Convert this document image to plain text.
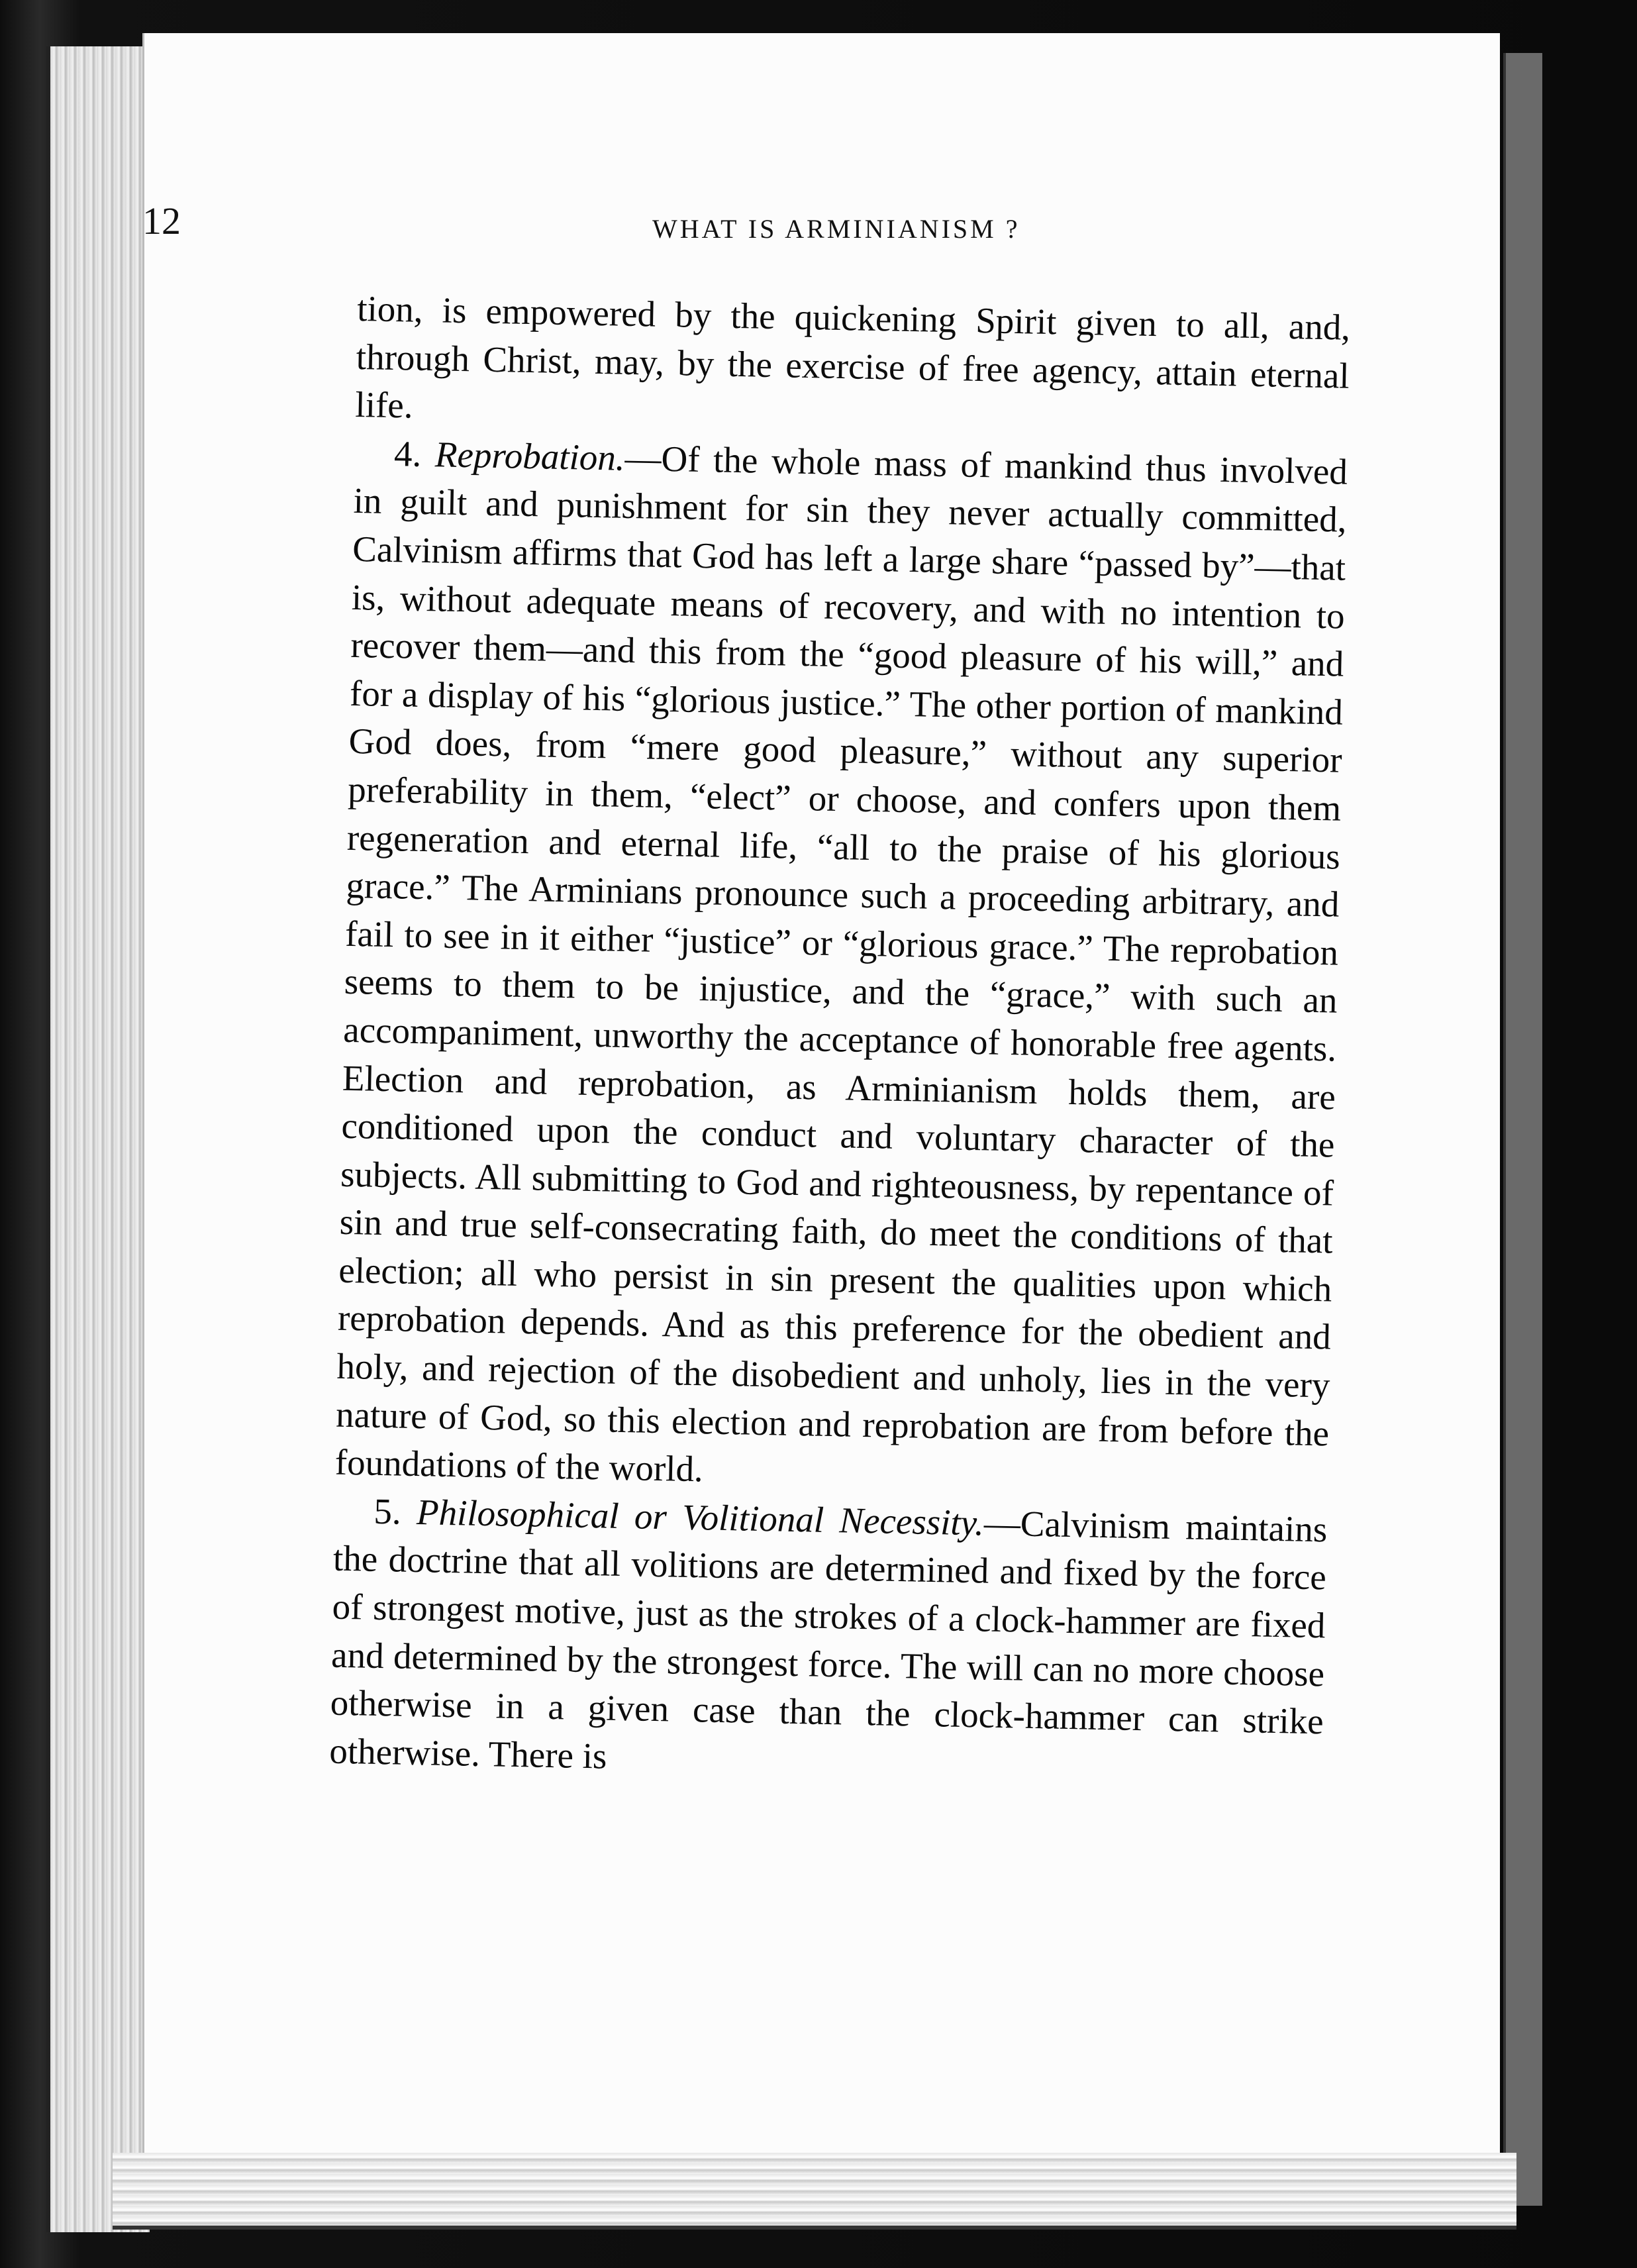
12	WHAT IS ARMINIANISM ?

tion, is empowered by the quickening Spirit given to all, and, through Christ, may, by the exercise of free agency, attain eternal life.

4. Reprobation.—Of the whole mass of mankind thus involved in guilt and punishment for sin they never actually committed, Calvinism affirms that God has left a large share “passed by”—that is, without adequate means of recovery, and with no intention to recover them—and this from the “good pleasure of his will,” and for a display of his “glorious justice.” The other portion of mankind God does, from “mere good pleasure,” without any superior preferability in them, “elect” or choose, and confers upon them regeneration and eternal life, “all to the praise of his glorious grace.” The Arminians pronounce such a proceeding arbitrary, and fail to see in it either “justice” or “glorious grace.” The reprobation seems to them to be injustice, and the “grace,” with such an accompaniment, unworthy the acceptance of honorable free agents. Election and reprobation, as Arminianism holds them, are conditioned upon the conduct and voluntary character of the subjects. All submitting to God and righteousness, by repentance of sin and true self-consecrating faith, do meet the conditions of that election; all who persist in sin present the qualities upon which reprobation depends. And as this preference for the obedient and holy, and rejection of the disobedient and unholy, lies in the very nature of God, so this election and reprobation are from before the foundations of the world.

5. Philosophical or Volitional Necessity.—Calvinism maintains the doctrine that all volitions are determined and fixed by the force of strongest motive, just as the strokes of a clock-hammer are fixed and determined by the strongest force. The will can no more choose otherwise in a given case than the clock-hammer can strike otherwise. There is
